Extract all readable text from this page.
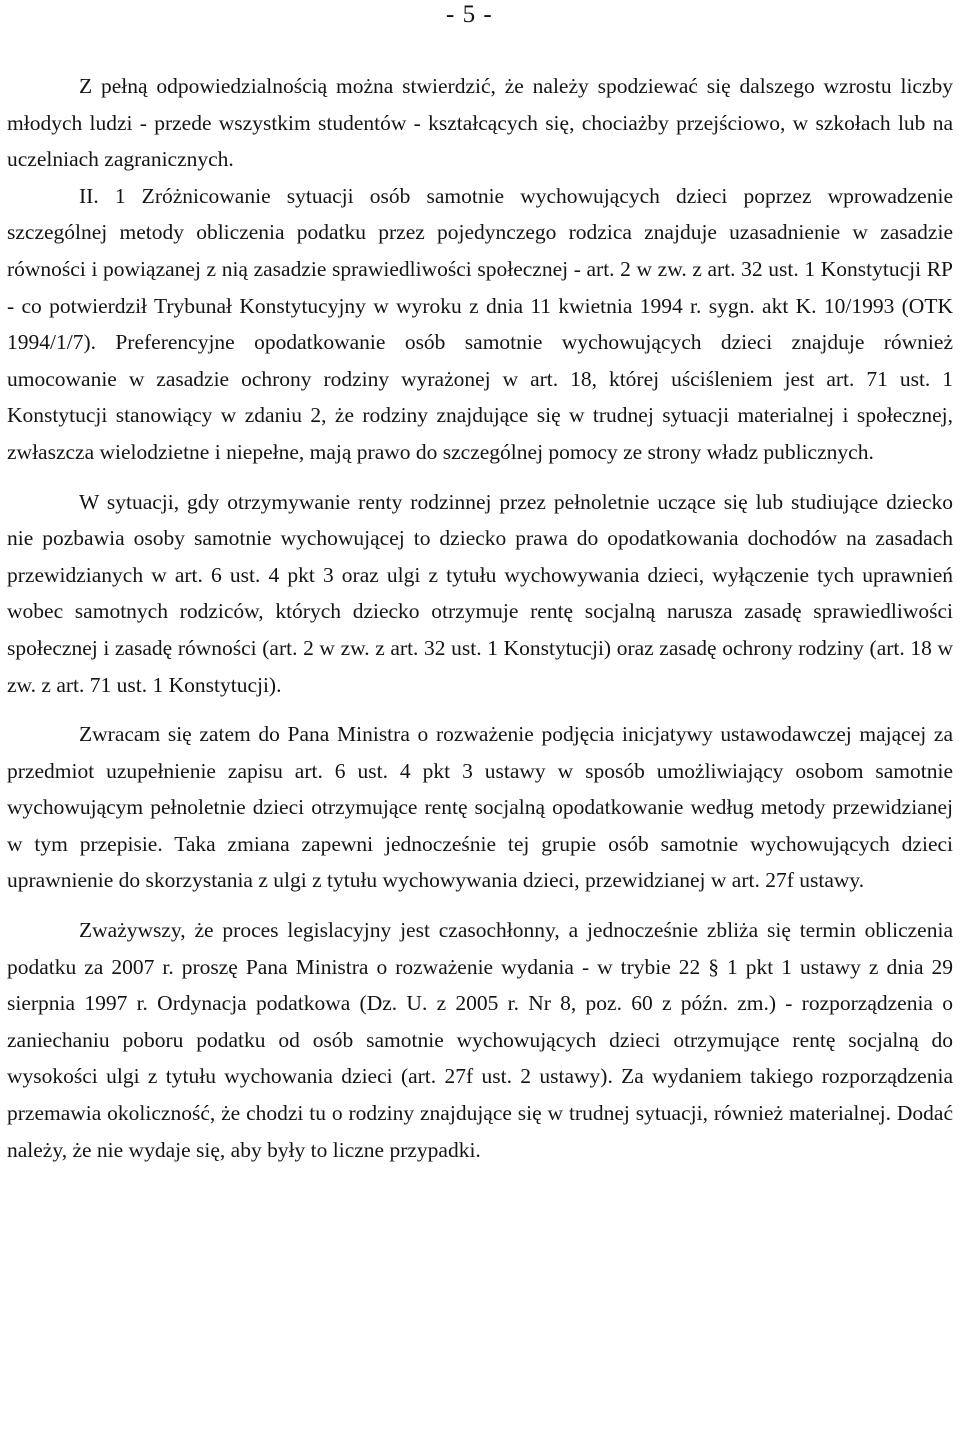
- 5 -

Z pełną odpowiedzialnością można stwierdzić, że należy spodziewać się dalszego wzrostu liczby młodych ludzi - przede wszystkim studentów - kształcących się, chociażby przejściowo, w szkołach lub na uczelniach zagranicznych.

II. 1 Zróżnicowanie sytuacji osób samotnie wychowujących dzieci poprzez wprowadzenie szczególnej metody obliczenia podatku przez pojedynczego rodzica znajduje uzasadnienie w zasadzie równości i powiązanej z nią zasadzie sprawiedliwości społecznej - art. 2 w zw. z art. 32 ust. 1 Konstytucji RP - co potwierdził Trybunał Konstytucyjny w wyroku z dnia 11 kwietnia 1994 r. sygn. akt K. 10/1993 (OTK 1994/1/7). Preferencyjne opodatkowanie osób samotnie wychowujących dzieci znajduje również umocowanie w zasadzie ochrony rodziny wyrażonej w art. 18, której uściśleniem jest art. 71 ust. 1 Konstytucji stanowiący w zdaniu 2, że rodziny znajdujące się w trudnej sytuacji materialnej i społecznej, zwłaszcza wielodzietne i niepełne, mają prawo do szczególnej pomocy ze strony władz publicznych.

W sytuacji, gdy otrzymywanie renty rodzinnej przez pełnoletnie uczące się lub studiujące dziecko nie pozbawia osoby samotnie wychowującej to dziecko prawa do opodatkowania dochodów na zasadach przewidzianych w art. 6 ust. 4 pkt 3 oraz ulgi z tytułu wychowywania dzieci, wyłączenie tych uprawnień wobec samotnych rodziców, których dziecko otrzymuje rentę socjalną narusza zasadę sprawiedliwości społecznej i zasadę równości (art. 2 w zw. z art. 32 ust. 1 Konstytucji) oraz zasadę ochrony rodziny (art. 18 w zw. z art. 71 ust. 1 Konstytucji).

Zwracam się zatem do Pana Ministra o rozważenie podjęcia inicjatywy ustawodawczej mającej za przedmiot uzupełnienie zapisu art. 6 ust. 4 pkt 3 ustawy w sposób umożliwiający osobom samotnie wychowującym pełnoletnie dzieci otrzymujące rentę socjalną opodatkowanie według metody przewidzianej w tym przepisie. Taka zmiana zapewni jednocześnie tej grupie osób samotnie wychowujących dzieci uprawnienie do skorzystania z ulgi z tytułu wychowywania dzieci, przewidzianej w art. 27f ustawy.

Zważywszy, że proces legislacyjny jest czasochłonny, a jednocześnie zbliża się termin obliczenia podatku za 2007 r. proszę Pana Ministra o rozważenie wydania - w trybie 22 § 1 pkt 1 ustawy z dnia 29 sierpnia 1997 r. Ordynacja podatkowa (Dz. U. z 2005 r. Nr 8, poz. 60 z późn. zm.) - rozporządzenia o zaniechaniu poboru podatku od osób samotnie wychowujących dzieci otrzymujące rentę socjalną do wysokości ulgi z tytułu wychowania dzieci (art. 27f ust. 2 ustawy). Za wydaniem takiego rozporządzenia przemawia okoliczność, że chodzi tu o rodziny znajdujące się w trudnej sytuacji, również materialnej. Dodać należy, że nie wydaje się, aby były to liczne przypadki.
